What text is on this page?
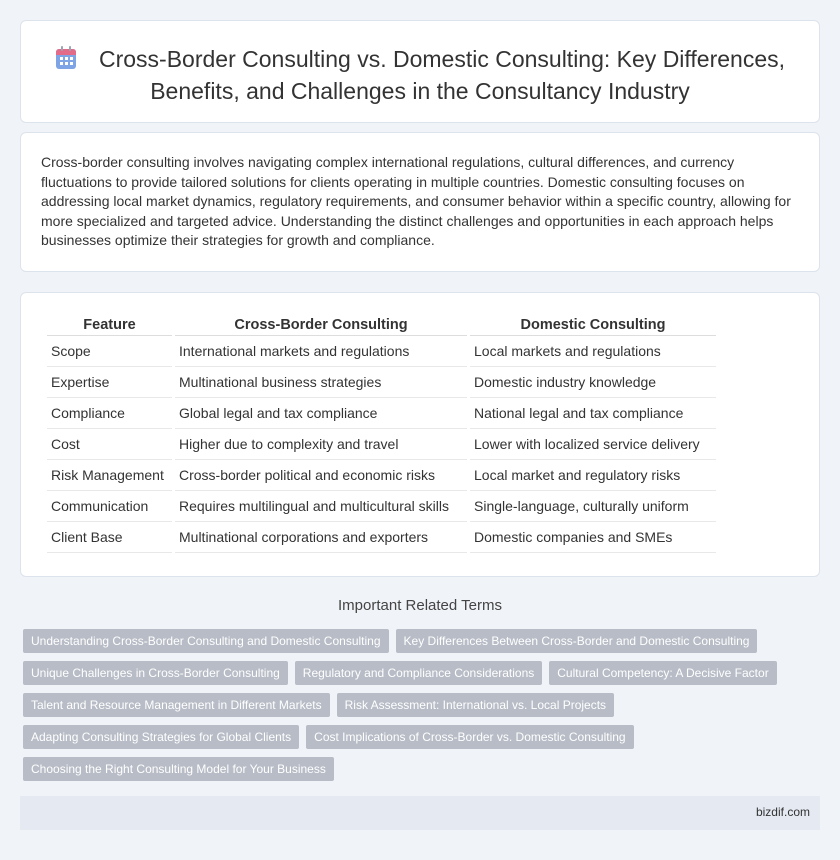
Cross-Border Consulting vs. Domestic Consulting: Key Differences, Benefits, and Challenges in the Consultancy Industry

Cross-border consulting involves navigating complex international regulations, cultural differences, and currency fluctuations to provide tailored solutions for clients operating in multiple countries. Domestic consulting focuses on addressing local market dynamics, regulatory requirements, and consumer behavior within a specific country, allowing for more specialized and targeted advice. Understanding the distinct challenges and opportunities in each approach helps businesses optimize their strategies for growth and compliance.

Feature	Cross-Border Consulting	Domestic Consulting
Scope	International markets and regulations	Local markets and regulations
Expertise	Multinational business strategies	Domestic industry knowledge
Compliance	Global legal and tax compliance	National legal and tax compliance
Cost	Higher due to complexity and travel	Lower with localized service delivery
Risk Management	Cross-border political and economic risks	Local market and regulatory risks
Communication	Requires multilingual and multicultural skills	Single-language, culturally uniform
Client Base	Multinational corporations and exporters	Domestic companies and SMEs
Important Related Terms
Understanding Cross-Border Consulting and Domestic Consulting Key Differences Between Cross-Border and Domestic Consulting
Unique Challenges in Cross-Border Consulting Regulatory and Compliance Considerations Cultural Competency: A Decisive Factor
Talent and Resource Management in Different Markets Risk Assessment: International vs. Local Projects
Adapting Consulting Strategies for Global Clients Cost Implications of Cross-Border vs. Domestic Consulting
Choosing the Right Consulting Model for Your Business
bizdif.com
